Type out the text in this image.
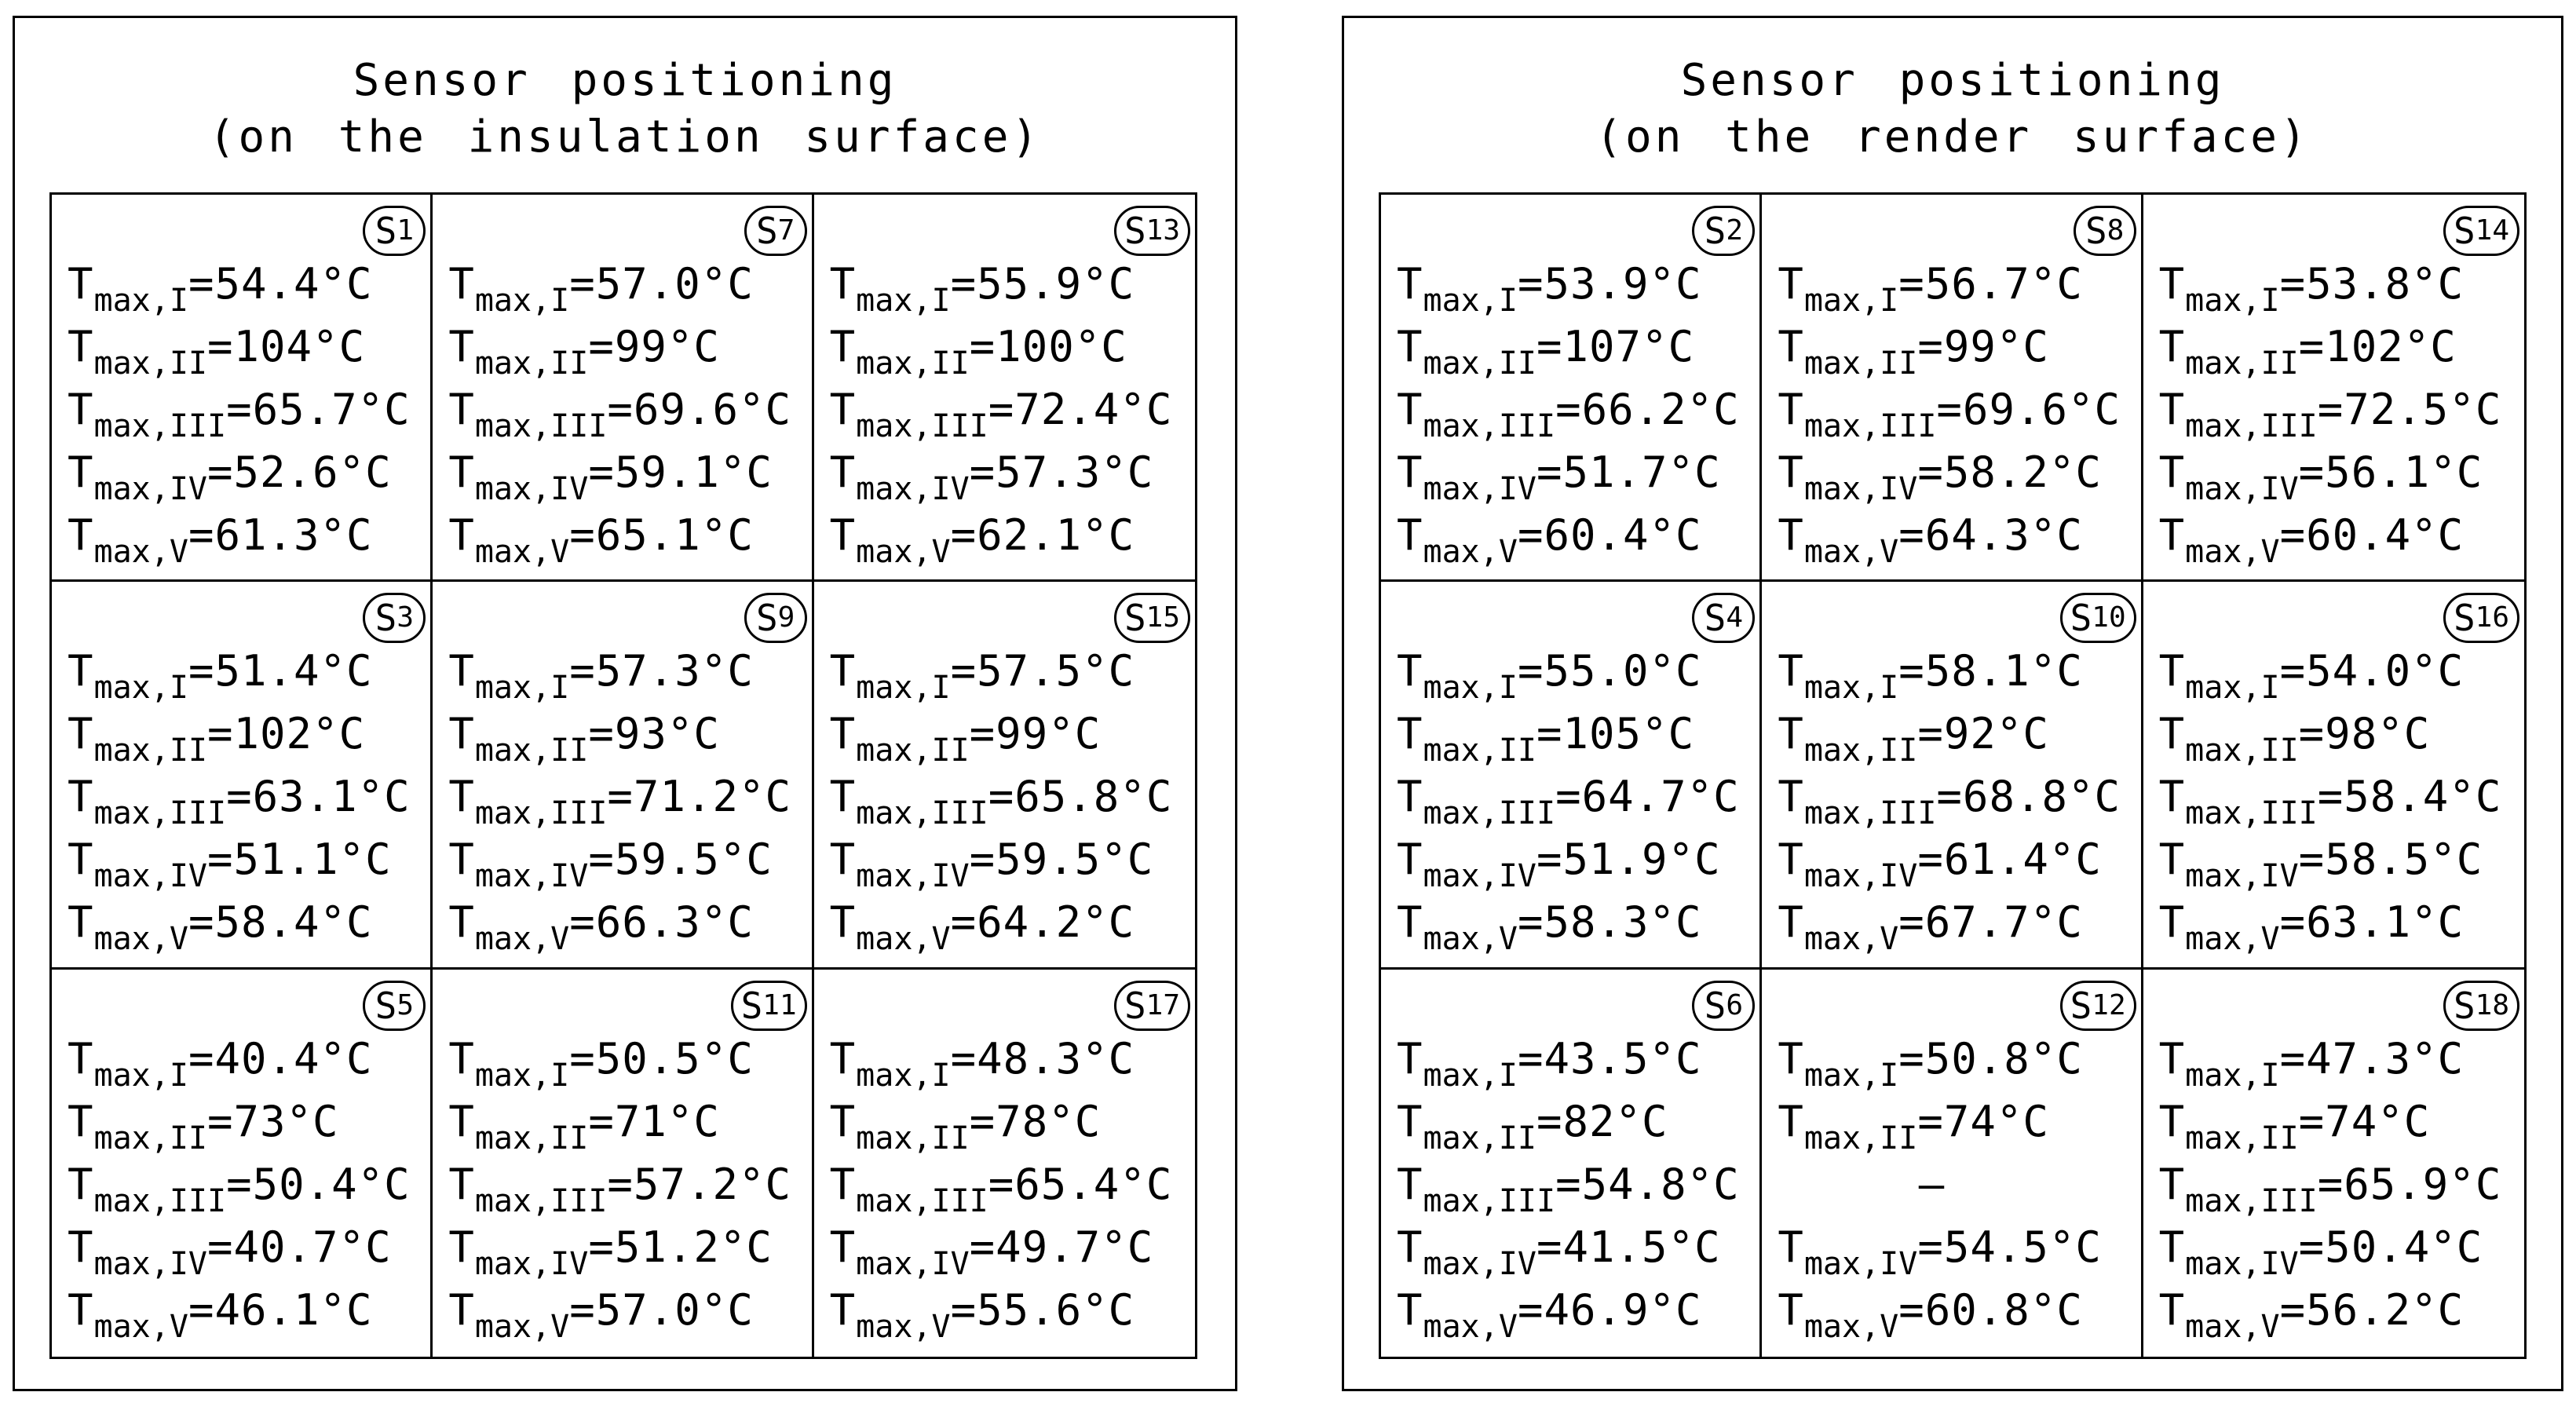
Sensor positioning
(on the insulation surface)
S 1
$T_{max,I}=54.4^\circ C$
$T_{max,II}=104^\circ C$
$T_{max,III}=65.7^\circ C$
$T_{max,IV}=52.6^\circ C$
$T_{max,V}=61.3^\circ C$
S 7
$T_{max,I}=57.0^\circ C$
$T_{max,II}=99^\circ C$
$T_{max,III}=69.6^\circ C$
$T_{max,IV}=59.1^\circ C$
$T_{max,V}=65.1^\circ C$
S 13
$T_{max,I}=55.9^\circ C$
$T_{max,II}=100^\circ C$
$T_{max,III}=72.4^\circ C$
$T_{max,IV}=57.3^\circ C$
$T_{max,V}=62.1^\circ C$
S 3
$T_{max,I}=51.4^\circ C$
$T_{max,II}=102^\circ C$
$T_{max,III}=63.1^\circ C$
$T_{max,IV}=51.1^\circ C$
$T_{max,V}=58.4^\circ C$
S 9
$T_{max,I}=57.3^\circ C$
$T_{max,II}=93^\circ C$
$T_{max,III}=71.2^\circ C$
$T_{max,IV}=59.5^\circ C$
$T_{max,V}=66.3^\circ C$
S 15
$T_{max,I}=57.5^\circ C$
$T_{max,II}=99^\circ C$
$T_{max,III}=65.8^\circ C$
$T_{max,IV}=59.5^\circ C$
$T_{max,V}=64.2^\circ C$
S 5
$T_{max,I}=40.4^\circ C$
$T_{max,II}=73^\circ C$
$T_{max,III}=50.4^\circ C$
$T_{max,IV}=40.7^\circ C$
$T_{max,V}=46.1^\circ C$
S 11
$T_{max,I}=50.5^\circ C$
$T_{max,II}=71^\circ C$
$T_{max,III}=57.2^\circ C$
$T_{max,IV}=51.2^\circ C$
$T_{max,V}=57.0^\circ C$
S 17
$T_{max,I}=48.3^\circ C$
$T_{max,II}=78^\circ C$
$T_{max,III}=65.4^\circ C$
$T_{max,IV}=49.7^\circ C$
$T_{max,V}=55.6^\circ C$
Sensor positioning
(on the render surface)
S 2
$T_{max,I}=53.9^\circ C$
$T_{max,II}=107^\circ C$
$T_{max,III}=66.2^\circ C$
$T_{max,IV}=51.7^\circ C$
$T_{max,V}=60.4^\circ C$
S 8
$T_{max,I}=56.7^\circ C$
$T_{max,II}=99^\circ C$
$T_{max,III}=69.6^\circ C$
$T_{max,IV}=58.2^\circ C$
$T_{max,V}=64.3^\circ C$
S 14
$T_{max,I}=53.8^\circ C$
$T_{max,II}=102^\circ C$
$T_{max,III}=72.5^\circ C$
$T_{max,IV}=56.1^\circ C$
$T_{max,V}=60.4^\circ C$
S 4
$T_{max,I}=55.0^\circ C$
$T_{max,II}=105^\circ C$
$T_{max,III}=64.7^\circ C$
$T_{max,IV}=51.9^\circ C$
$T_{max,V}=58.3^\circ C$
S 10
$T_{max,I}=58.1^\circ C$
$T_{max,II}=92^\circ C$
$T_{max,III}=68.8^\circ C$
$T_{max,IV}=61.4^\circ C$
$T_{max,V}=67.7^\circ C$
S 16
$T_{max,I}=54.0^\circ C$
$T_{max,II}=98^\circ C$
$T_{max,III}=58.4^\circ C$
$T_{max,IV}=58.5^\circ C$
$T_{max,V}=63.1^\circ C$
S 6
$T_{max,I}=43.5^\circ C$
$T_{max,II}=82^\circ C$
$T_{max,III}=54.8^\circ C$
$T_{max,IV}=41.5^\circ C$
$T_{max,V}=46.9^\circ C$
S 12
$T_{max,I}=50.8^\circ C$
$T_{max,II}=74^\circ C$
–
$T_{max,IV}=54.5^\circ C$
$T_{max,V}=60.8^\circ C$
S 18
$T_{max,I}=47.3^\circ C$
$T_{max,II}=74^\circ C$
$T_{max,III}=65.9^\circ C$
$T_{max,IV}=50.4^\circ C$
$T_{max,V}=56.2^\circ C$
